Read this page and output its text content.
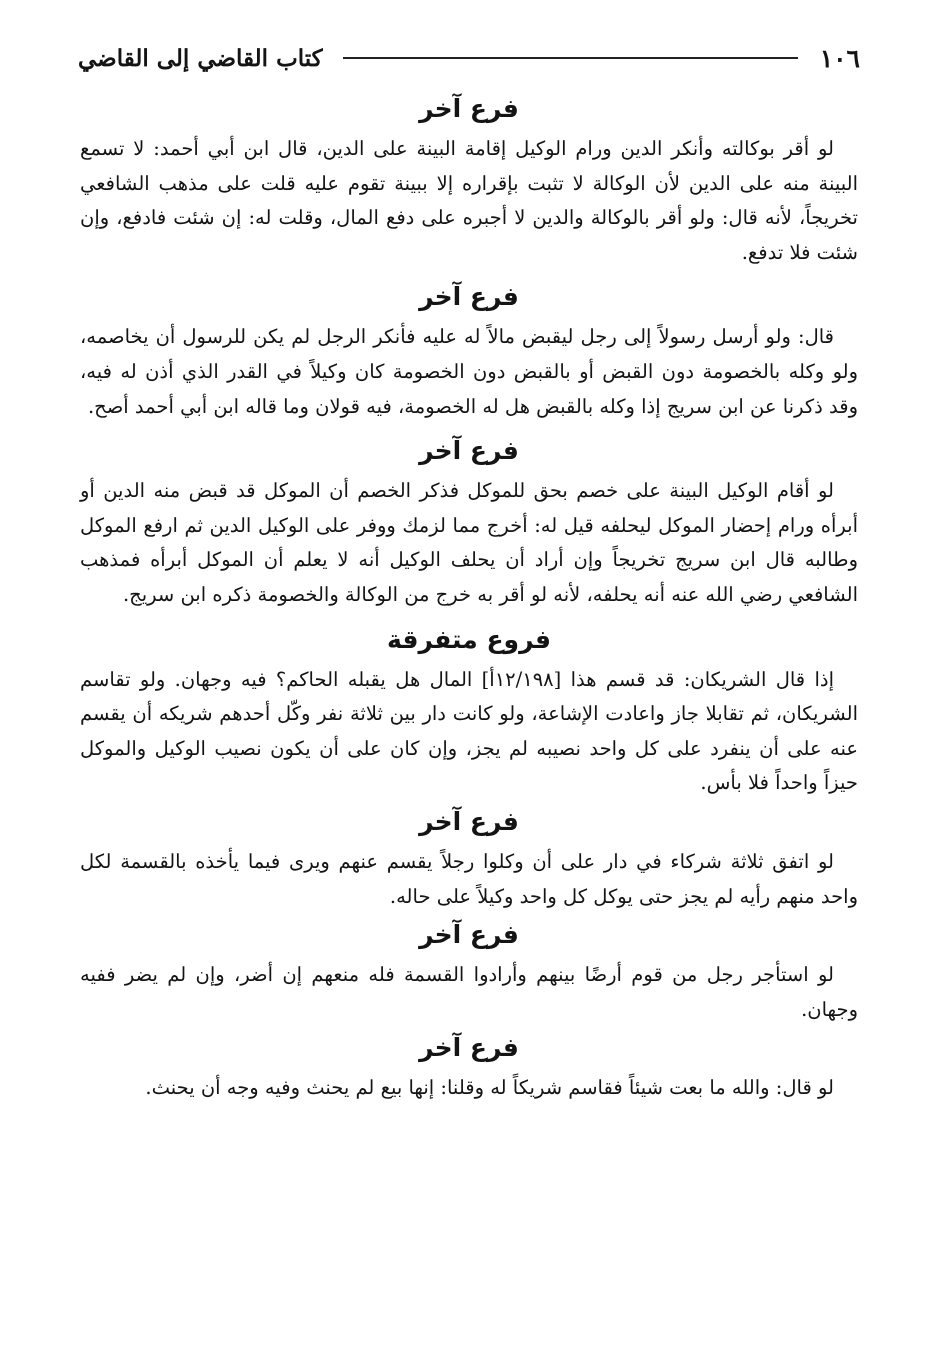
١٠٦
كتاب القاضي إلى القاضي
فرع آخر

لو أقر بوكالته وأنكر الدين ورام الوكيل إقامة البينة على الدين، قال ابن أبي أحمد: لا تسمع البينة منه على الدين لأن الوكالة لا تثبت بإقراره إلا ببينة تقوم عليه قلت على مذهب الشافعي تخريجاً، لأنه قال: ولو أقر بالوكالة والدين لا أجبره على دفع المال، وقلت له: إن شئت فادفع، وإن شئت فلا تدفع.

فرع آخر

قال: ولو أرسل رسولاً إلى رجل ليقبض مالاً له عليه فأنكر الرجل لم يكن للرسول أن يخاصمه، ولو وكله بالخصومة دون القبض أو بالقبض دون الخصومة كان وكيلاً في القدر الذي أذن له فيه، وقد ذكرنا عن ابن سريج إذا وكله بالقبض هل له الخصومة، فيه قولان وما قاله ابن أبي أحمد أصح.

فرع آخر

لو أقام الوكيل البينة على خصم بحق للموكل فذكر الخصم أن الموكل قد قبض منه الدين أو أبرأه ورام إحضار الموكل ليحلفه قيل له: أخرج مما لزمك ووفر على الوكيل الدين ثم ارفع الموكل وطالبه قال ابن سريج تخريجاً وإن أراد أن يحلف الوكيل أنه لا يعلم أن الموكل أبرأه فمذهب الشافعي رضي الله عنه أنه يحلفه، لأنه لو أقر به خرج من الوكالة والخصومة ذكره ابن سريج.

فروع متفرقة

إذا قال الشريكان: قد قسم هذا [١٢/١٩٨أ] المال هل يقبله الحاكم؟ فيه وجهان. ولو تقاسم الشريكان، ثم تقابلا جاز واعادت الإشاعة، ولو كانت دار بين ثلاثة نفر وكّل أحدهم شريكه أن يقسم عنه على أن ينفرد على كل واحد نصيبه لم يجز، وإن كان على أن يكون نصيب الوكيل والموكل حيزاً واحداً فلا بأس.

فرع آخر

لو اتفق ثلاثة شركاء في دار على أن وكلوا رجلاً يقسم عنهم ويرى فيما يأخذه بالقسمة لكل واحد منهم رأيه لم يجز حتى يوكل كل واحد وكيلاً على حاله.

فرع آخر

لو استأجر رجل من قوم أرضًا بينهم وأرادوا القسمة فله منعهم إن أضر، وإن لم يضر ففيه وجهان.

فرع آخر

لو قال: والله ما بعت شيئاً فقاسم شريكاً له وقلنا: إنها بيع لم يحنث وفيه وجه أن يحنث.
